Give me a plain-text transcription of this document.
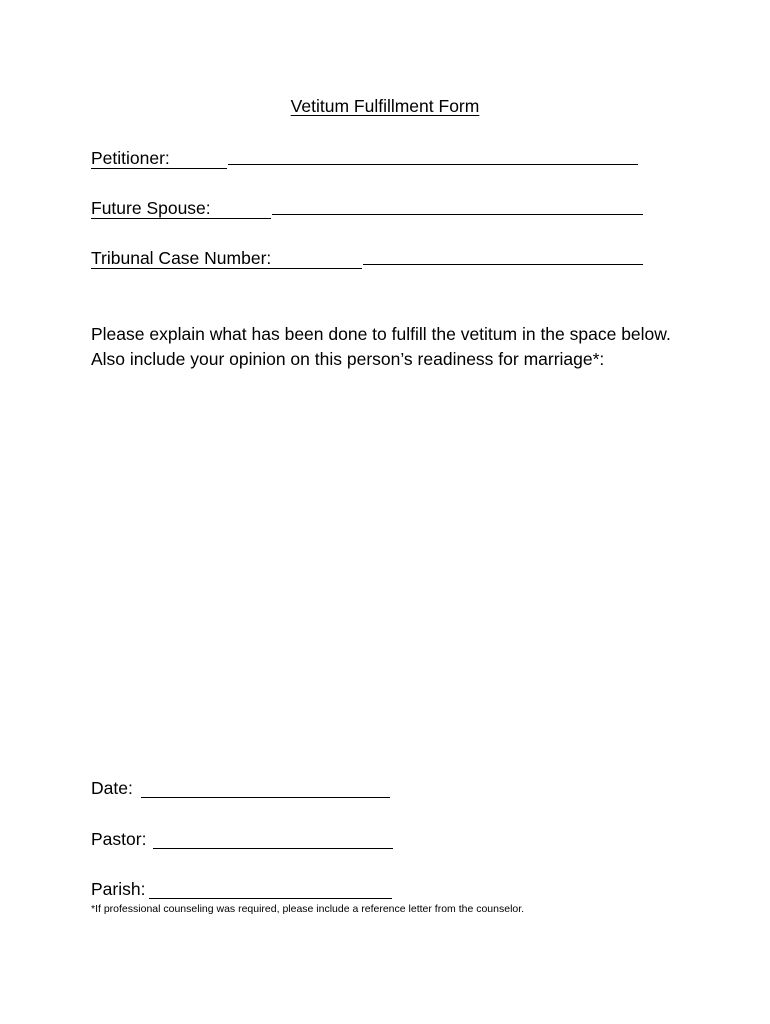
Vetitum Fulfillment Form
Petitioner:
Future Spouse:
Tribunal Case Number:
Please explain what has been done to fulfill the vetitum in the space below. Also include your opinion on this person’s readiness for marriage*:
Date:
Pastor:
Parish:
*If professional counseling was required, please include a reference letter from the counselor.
